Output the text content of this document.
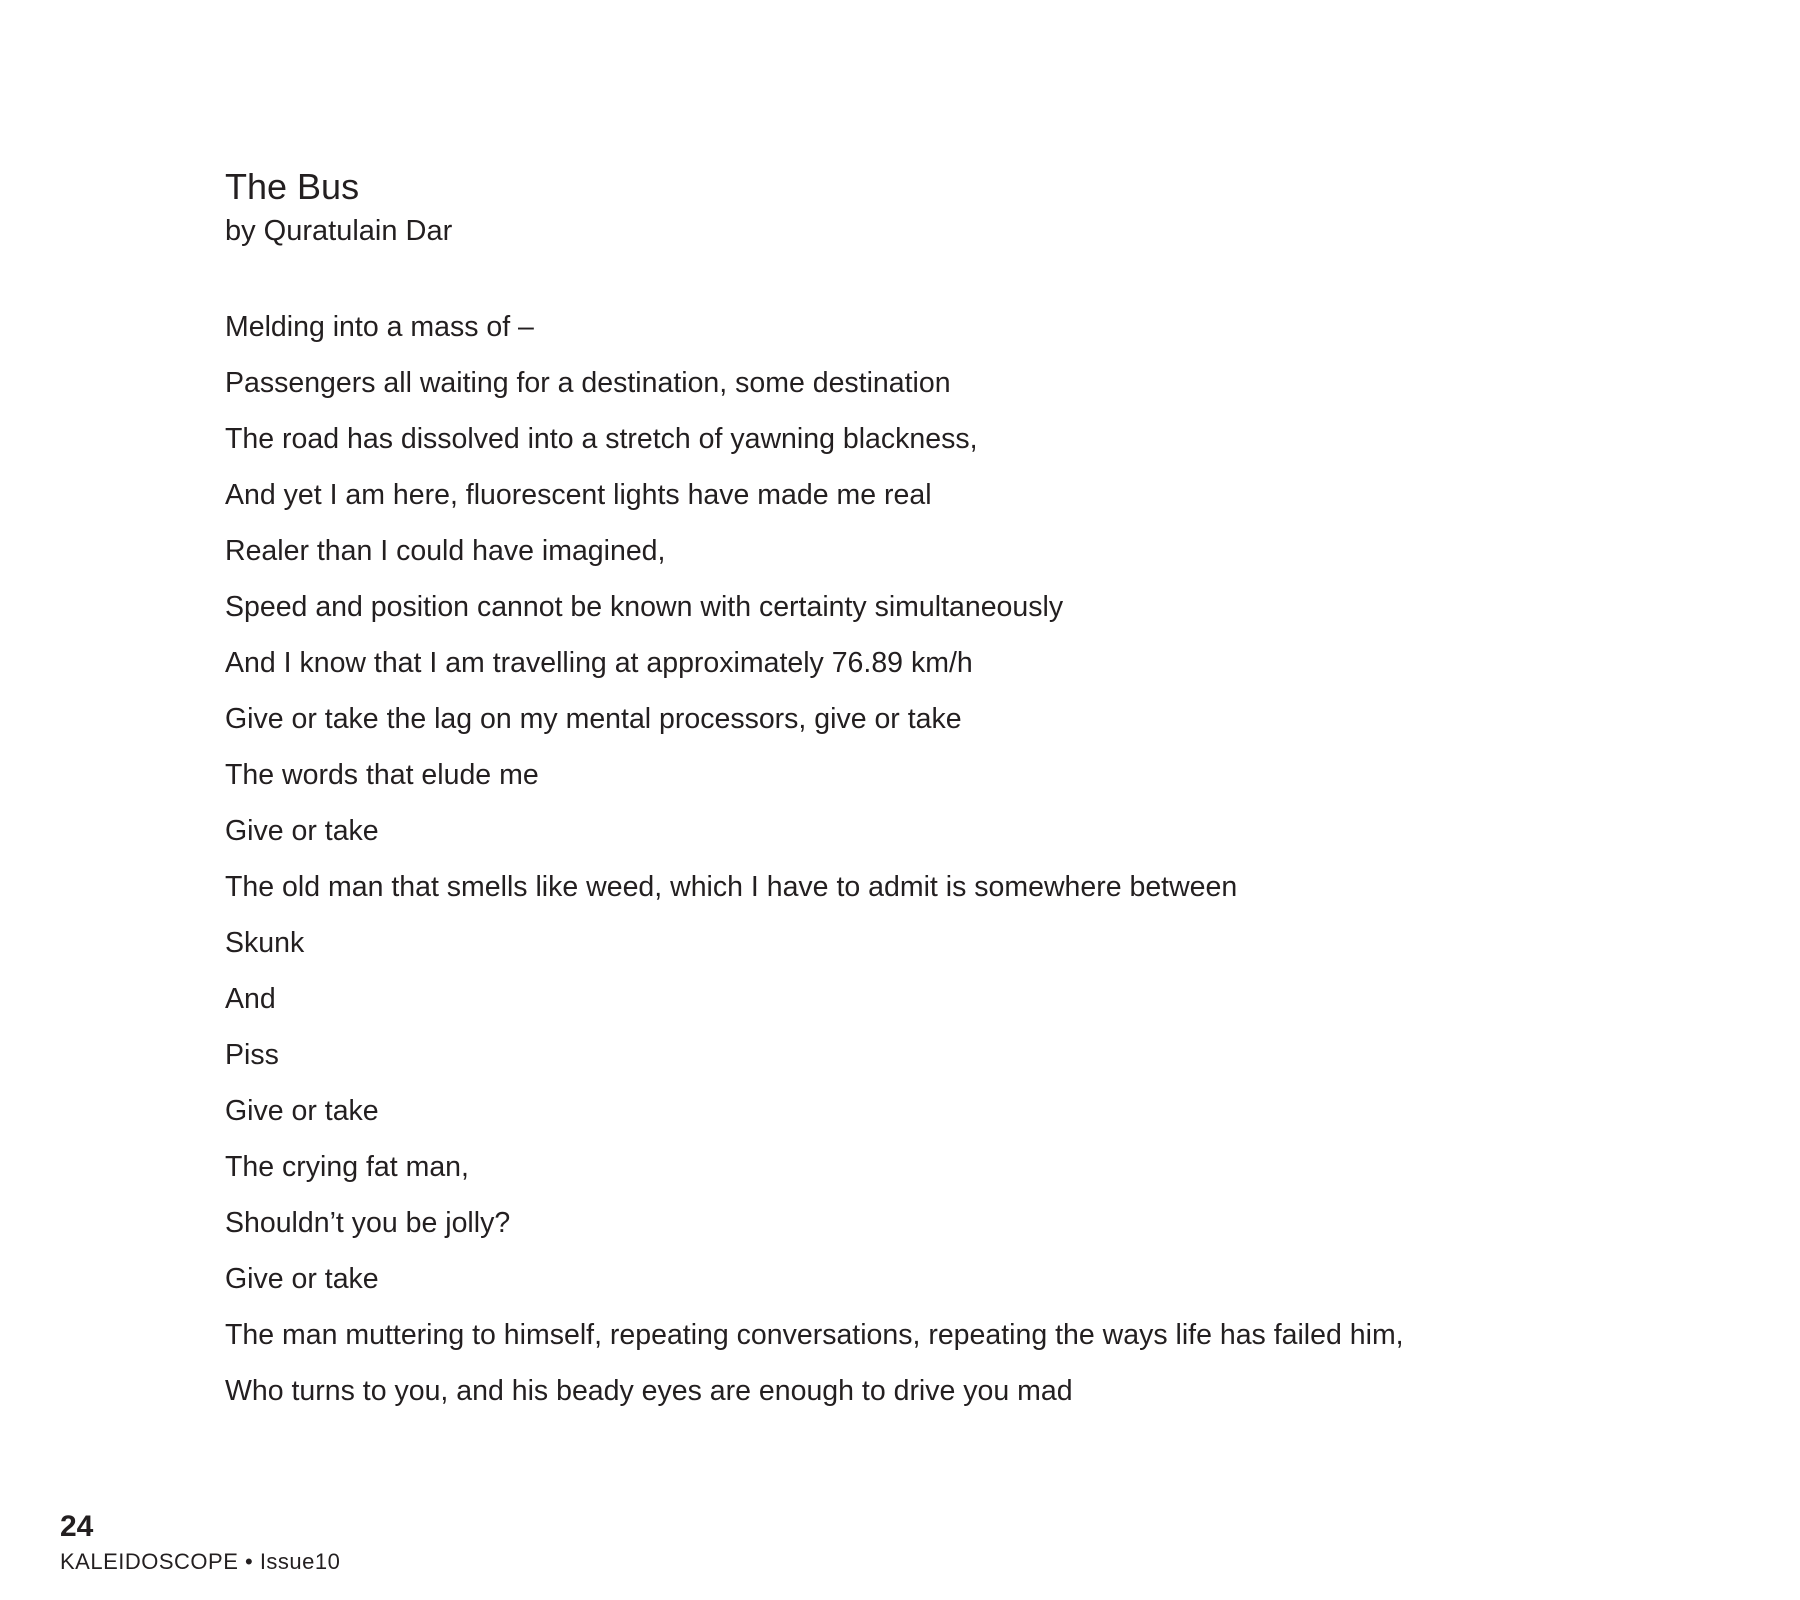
The Bus
by Quratulain Dar
Melding into a mass of –
Passengers all waiting for a destination, some destination
The road has dissolved into a stretch of yawning blackness,
And yet I am here, fluorescent lights have made me real
Realer than I could have imagined,
Speed and position cannot be known with certainty simultaneously
And I know that I am travelling at approximately 76.89 km/h
Give or take the lag on my mental processors, give or take
The words that elude me
Give or take
The old man that smells like weed, which I have to admit is somewhere between
Skunk
And
Piss
Give or take
The crying fat man,
Shouldn’t you be jolly?
Give or take
The man muttering to himself, repeating conversations, repeating the ways life has failed him,
Who turns to you, and his beady eyes are enough to drive you mad
24
KALEIDOSCOPE • Issue10
